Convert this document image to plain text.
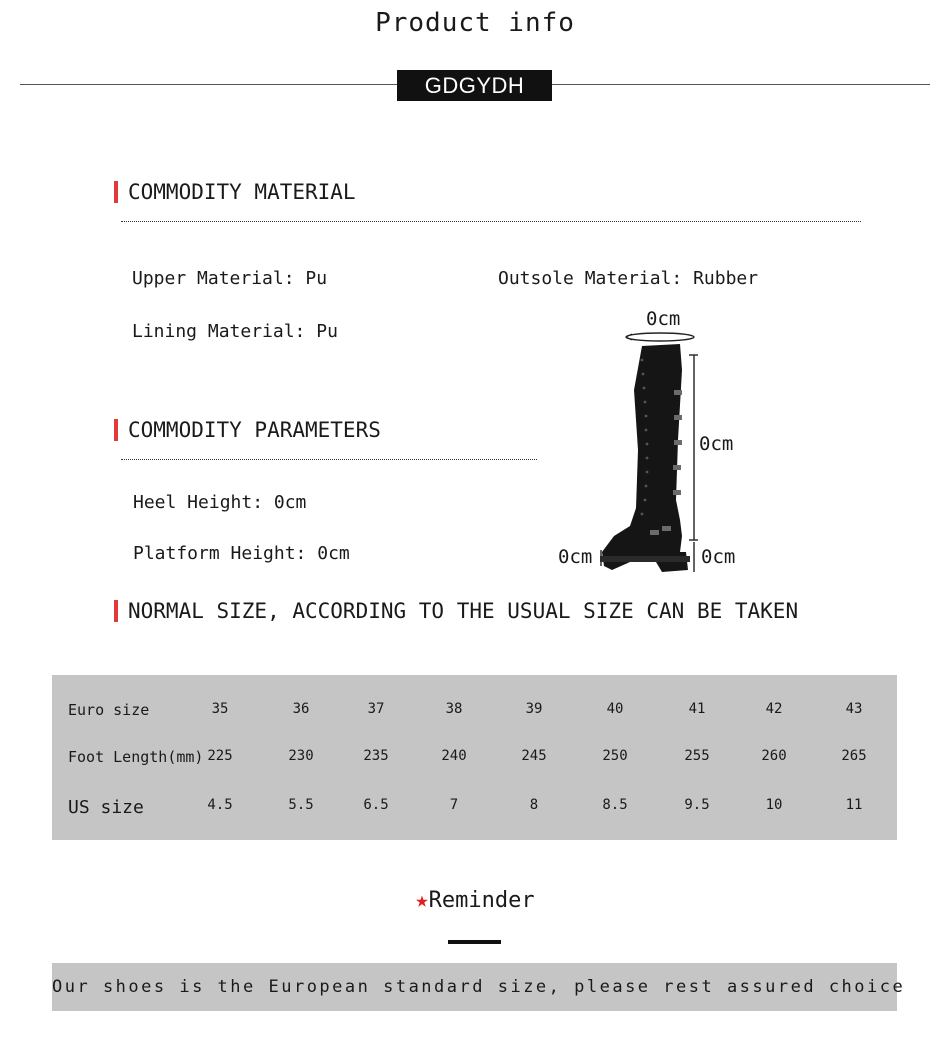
Product info
GDGYDH
COMMODITY MATERIAL
Upper Material: Pu	Outsole Material: Rubber
Lining Material: Pu
COMMODITY PARAMETERS
Heel Height: 0cm
Platform Height: 0cm
0cm
0cm
0cm	0cm
NORMAL SIZE, ACCORDING TO THE USUAL SIZE CAN BE TAKEN
Euro size	35	36	37	38	39	40	41	42	43
Foot Length(mm) 225	230	235	240	245	250	255	260	265
US size	4.5	5.5	6.5	7	8	8.5	9.5	10	11
★Reminder
Our shoes is the European standard size, please rest assured choice
